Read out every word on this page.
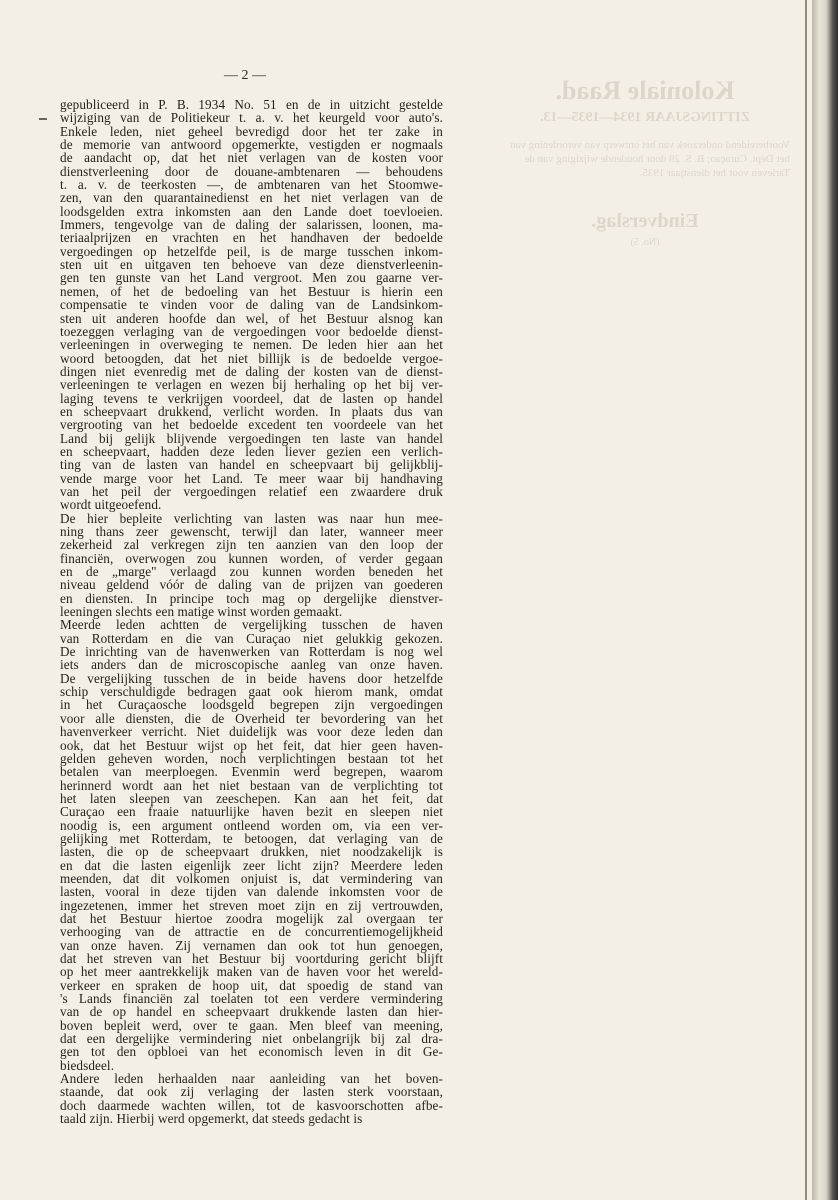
Koloniale Raad.
ZITTINGSJAAR 1934—1935—13.
Voorbereidend onderzoek van het ontwerp van verordening van het Dépt. Curaçao; B. S. 28 door houdende wijziging van de Tarieven voor het dienstjaar 1935.
Eindverslag.
(No. 5)
— 2 —
gepubliceerd in P. B. 1934 No. 51 en de in uitzicht gestelde
wijziging van de Politiekeur t. a. v. het keurgeld voor auto's.
Enkele leden, niet geheel bevredigd door het ter zake in
de memorie van antwoord opgemerkte, vestigden er nogmaals
de aandacht op, dat het niet verlagen van de kosten voor
dienstverleening door de douane-ambtenaren — behoudens
t. a. v. de teerkosten —, de ambtenaren van het Stoomwe-
zen, van den quarantainedienst en het niet verlagen van de
loodsgelden extra inkomsten aan den Lande doet toevloeien.
Immers, tengevolge van de daling der salarissen, loonen, ma-
teriaalprijzen en vrachten en het handhaven der bedoelde
vergoedingen op hetzelfde peil, is de marge tusschen inkom-
sten uit en uitgaven ten behoeve van deze dienstverleenin-
gen ten gunste van het Land vergroot. Men zou gaarne ver-
nemen, of het de bedoeling van het Bestuur is hierin een
compensatie te vinden voor de daling van de Landsinkom-
sten uit anderen hoofde dan wel, of het Bestuur alsnog kan
toezeggen verlaging van de vergoedingen voor bedoelde dienst-
verleeningen in overweging te nemen. De leden hier aan het
woord betoogden, dat het niet billijk is de bedoelde vergoe-
dingen niet evenredig met de daling der kosten van de dienst-
verleeningen te verlagen en wezen bij herhaling op het bij ver-
laging tevens te verkrijgen voordeel, dat de lasten op handel
en scheepvaart drukkend, verlicht worden. In plaats dus van
vergrooting van het bedoelde excedent ten voordeele van het
Land bij gelijk blijvende vergoedingen ten laste van handel
en scheepvaart, hadden deze leden liever gezien een verlich-
ting van de lasten van handel en scheepvaart bij gelijkblij-
vende marge voor het Land. Te meer waar bij handhaving
van het peil der vergoedingen relatief een zwaardere druk
wordt uitgeoefend.
De hier bepleite verlichting van lasten was naar hun mee-
ning thans zeer gewenscht, terwijl dan later, wanneer meer
zekerheid zal verkregen zijn ten aanzien van den loop der
financiën, overwogen zou kunnen worden, of verder gegaan
en de „marge" verlaagd zou kunnen worden beneden het
niveau geldend vóór de daling van de prijzen van goederen
en diensten. In principe toch mag op dergelijke dienstver-
leeningen slechts een matige winst worden gemaakt.
Meerde leden achtten de vergelijking tusschen de haven
van Rotterdam en die van Curaçao niet gelukkig gekozen.
De inrichting van de havenwerken van Rotterdam is nog wel
iets anders dan de microscopische aanleg van onze haven.
De vergelijking tusschen de in beide havens door hetzelfde
schip verschuldigde bedragen gaat ook hierom mank, omdat
in het Curaçaosche loodsgeld begrepen zijn vergoedingen
voor alle diensten, die de Overheid ter bevordering van het
havenverkeer verricht. Niet duidelijk was voor deze leden dan
ook, dat het Bestuur wijst op het feit, dat hier geen haven-
gelden geheven worden, noch verplichtingen bestaan tot het
betalen van meerploegen. Evenmin werd begrepen, waarom
herinnerd wordt aan het niet bestaan van de verplichting tot
het laten sleepen van zeeschepen. Kan aan het feit, dat
Curaçao een fraaie natuurlijke haven bezit en sleepen niet
noodig is, een argument ontleend worden om, via een ver-
gelijking met Rotterdam, te betoogen, dat verlaging van de
lasten, die op de scheepvaart drukken, niet noodzakelijk is
en dat die lasten eigenlijk zeer licht zijn? Meerdere leden
meenden, dat dit volkomen onjuist is, dat vermindering van
lasten, vooral in deze tijden van dalende inkomsten voor de
ingezetenen, immer het streven moet zijn en zij vertrouwden,
dat het Bestuur hiertoe zoodra mogelijk zal overgaan ter
verhooging van de attractie en de concurrentiemogelijkheid
van onze haven. Zij vernamen dan ook tot hun genoegen,
dat het streven van het Bestuur bij voortduring gericht blijft
op het meer aantrekkelijk maken van de haven voor het wereld-
verkeer en spraken de hoop uit, dat spoedig de stand van
's Lands financiën zal toelaten tot een verdere vermindering
van de op handel en scheepvaart drukkende lasten dan hier-
boven bepleit werd, over te gaan. Men bleef van meening,
dat een dergelijke vermindering niet onbelangrijk bij zal dra-
gen tot den opbloei van het economisch leven in dit Ge-
biedsdeel.
Andere leden herhaalden naar aanleiding van het boven-
staande, dat ook zij verlaging der lasten sterk voorstaan,
doch daarmede wachten willen, tot de kasvoorschotten afbe-
taald zijn. Hierbij werd opgemerkt, dat steeds gedacht is
